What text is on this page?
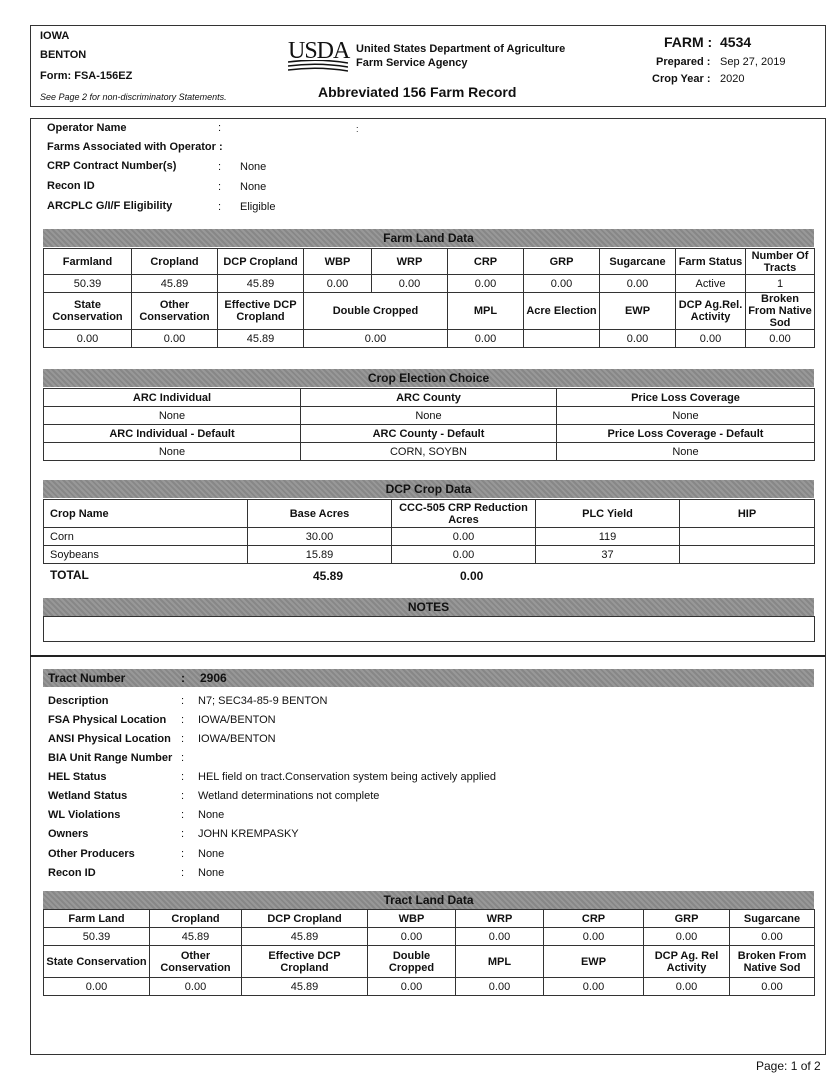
IOWA
BENTON
Form: FSA-156EZ
See Page 2 for non-discriminatory Statements.
USDA United States Department of Agriculture
Farm Service Agency
Abbreviated 156 Farm Record
FARM : 4534
Prepared : Sep 27, 2019
Crop Year : 2020
Operator Name	:	:
Farms Associated with Operator :
CRP Contract Number(s)	: None
Recon ID	: None
ARCPLC G/I/F Eligibility	: Eligible
Farm Land Data
Farmland	Cropland	DCP Cropland	WBP	WRP	CRP	GRP	Sugarcane	Farm Status	Number Of Tracts
50.39	45.89	45.89	0.00	0.00	0.00	0.00	0.00	Active	1
State Conservation	Other Conservation	Effective DCP Cropland	Double Cropped		MPL	Acre Election	EWP	DCP Ag.Rel. Activity	Broken From Native Sod
0.00	0.00	45.89	0.00		0.00		0.00	0.00	0.00
Crop Election Choice
ARC Individual	ARC County	Price Loss Coverage
None	None	None
ARC Individual - Default	ARC County - Default	Price Loss Coverage - Default
None	CORN, SOYBN	None
DCP Crop Data
Crop Name	Base Acres	CCC-505 CRP Reduction Acres	PLC Yield	HIP
Corn	30.00	0.00	119	
Soybeans	15.89	0.00	37	
TOTAL	45.89	0.00
NOTES
Tract Number	: 2906
Description	: N7; SEC34-85-9 BENTON
FSA Physical Location : IOWA/BENTON
ANSI Physical Location : IOWA/BENTON
BIA Unit Range Number :
HEL Status	: HEL field on tract.Conservation system being actively applied
Wetland Status	: Wetland determinations not complete
WL Violations	: None
Owners	: JOHN KREMPASKY
Other Producers	: None
Recon ID	: None
Tract Land Data
Farm Land	Cropland	DCP Cropland	WBP	WRP	CRP	GRP	Sugarcane
50.39	45.89	45.89	0.00	0.00	0.00	0.00	0.00
State Conservation	Other Conservation	Effective DCP Cropland	Double Cropped	MPL	EWP	DCP Ag. Rel Activity	Broken From Native Sod
0.00	0.00	45.89	0.00	0.00	0.00	0.00	0.00
Page: 1 of 2
